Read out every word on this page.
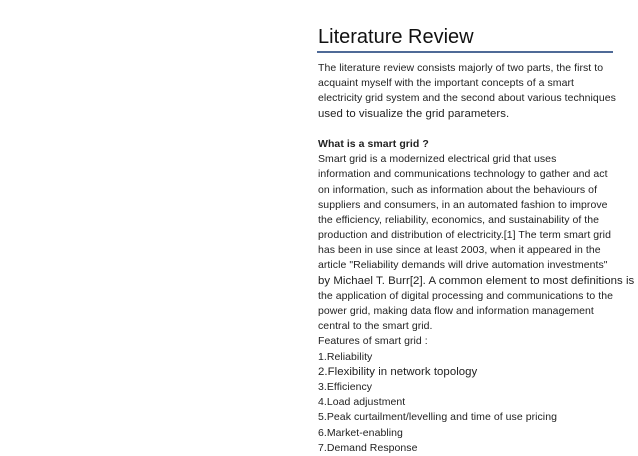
Literature Review
The literature review consists majorly of two parts, the first to
acquaint myself with the important concepts of a smart
electricity grid system and the second about various techniques
used to visualize the grid parameters.
What is a smart grid ?
Smart grid is a modernized electrical grid that uses
information and communications technology to gather and act
on information, such as information about the behaviours of
suppliers and consumers, in an automated fashion to improve
the efficiency, reliability, economics, and sustainability of the
production and distribution of electricity.[1] The term smart grid
has been in use since at least 2003, when it appeared in the
article "Reliability demands will drive automation investments"
by Michael T. Burr[2]. A common element to most definitions is
the application of digital processing and communications to the
power grid, making data flow and information management
central to the smart grid.
Features of smart grid :
1.Reliability
2.Flexibility in network topology
3.Efficiency
4.Load adjustment
5.Peak curtailment/levelling and time of use pricing
6.Market-enabling
7.Demand Response
